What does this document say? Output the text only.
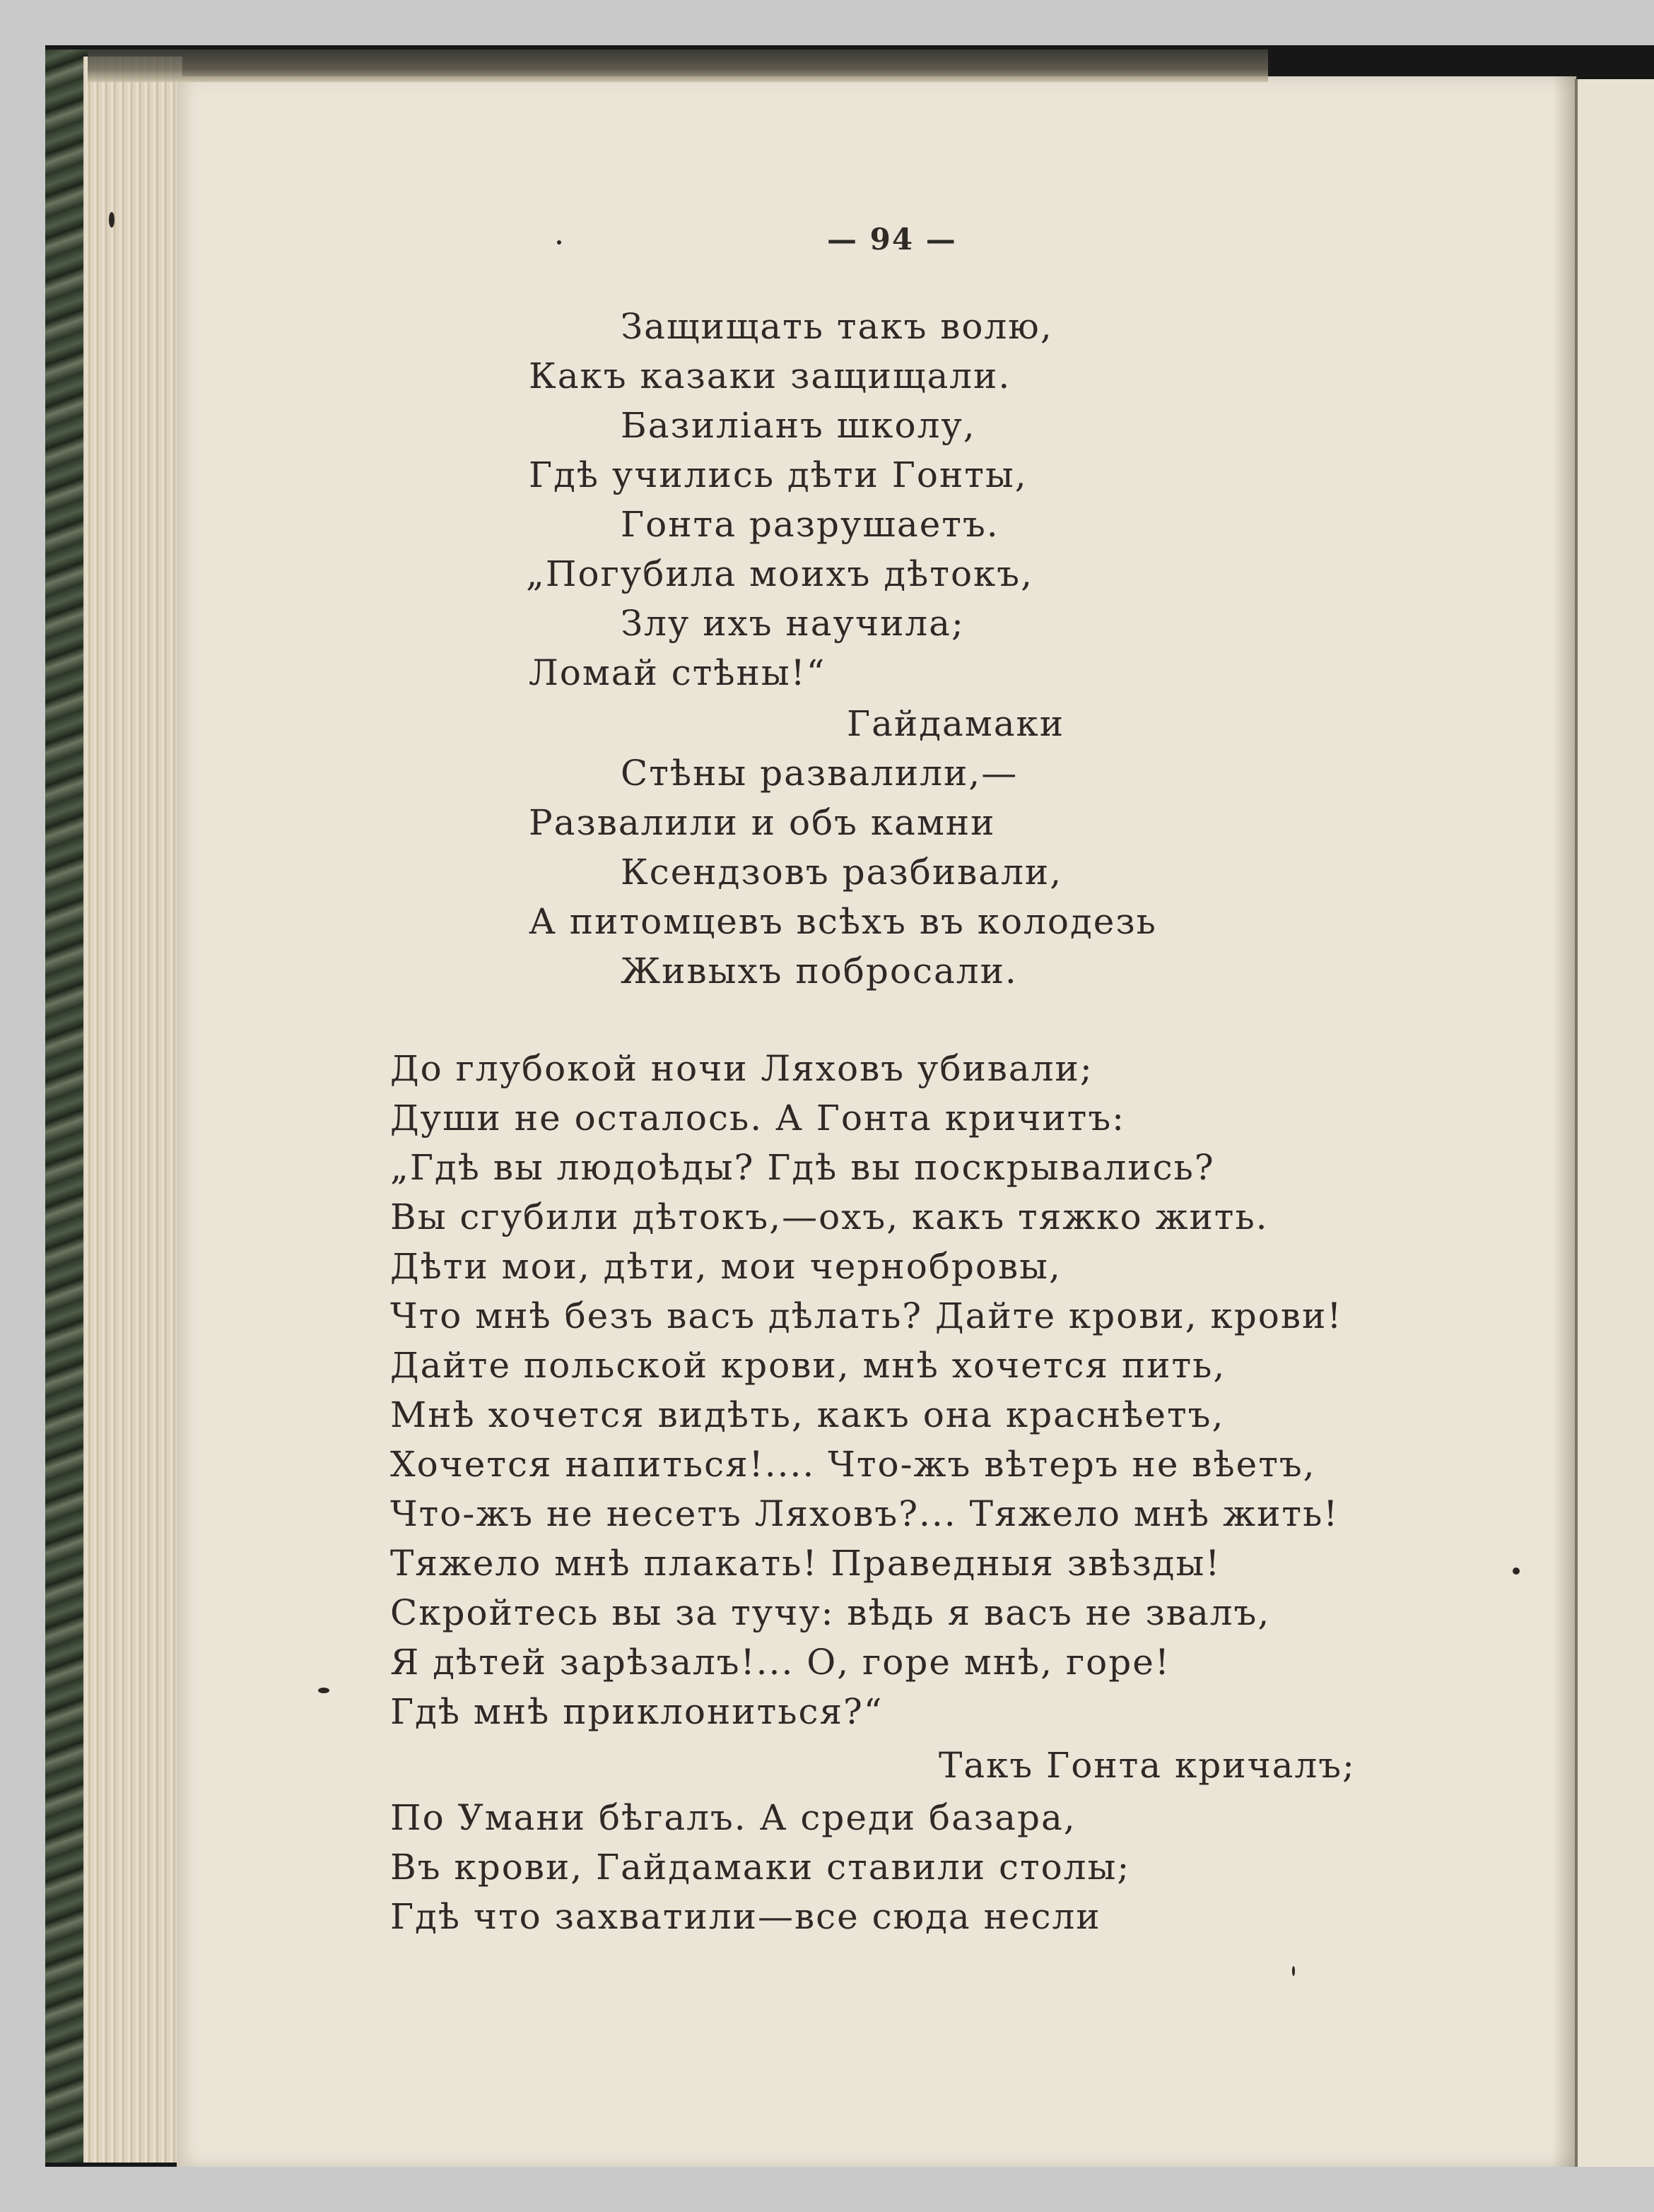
— 94 —
Защищать такъ волю,
Какъ казаки защищали.
Базиліанъ школу,
Гдѣ учились дѣти Гонты,
Гонта разрушаетъ.
„Погубила моихъ дѣтокъ,
Злу ихъ научила;
Ломай стѣны!“
Гайдамаки
Стѣны развалили,—
Развалили и объ камни
Ксендзовъ разбивали,
А питомцевъ всѣхъ въ колодезь
Живыхъ побросали.
До глубокой ночи Ляховъ убивали;
Души не осталось. А Гонта кричитъ:
„Гдѣ вы людоѣды? Гдѣ вы поскрывались?
Вы сгубили дѣтокъ,—охъ, какъ тяжко жить.
Дѣти мои, дѣти, мои чернобровы,
Что мнѣ безъ васъ дѣлать? Дайте крови, крови!
Дайте польской крови, мнѣ хочется пить,
Мнѣ хочется видѣть, какъ она краснѣетъ,
Хочется напиться!.... Что-жъ вѣтеръ не вѣетъ,
Что-жъ не несетъ Ляховъ?... Тяжело мнѣ жить!
Тяжело мнѣ плакать! Праведныя звѣзды!
Скройтесь вы за тучу: вѣдь я васъ не звалъ,
Я дѣтей зарѣзалъ!... О, горе мнѣ, горе!
Гдѣ мнѣ приклониться?“
Такъ Гонта кричалъ;
По Умани бѣгалъ. А среди базара,
Въ крови, Гайдамаки ставили столы;
Гдѣ что захватили—все сюда несли
